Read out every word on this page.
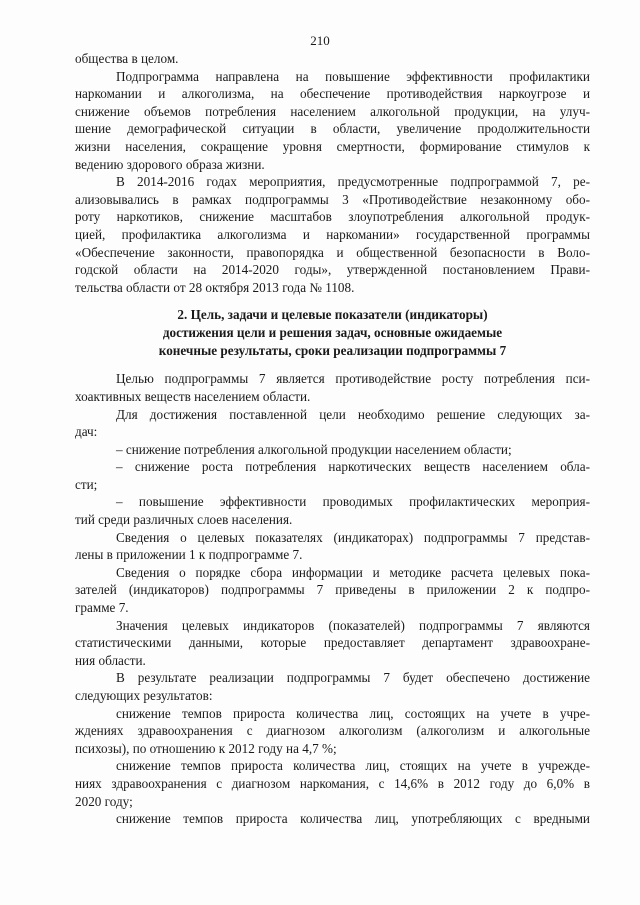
210
общества в целом.
Подпрограмма направлена на повышение эффективности профилактики
наркомании и алкоголизма, на обеспечение противодействия наркоугрозе и
снижение объемов потребления населением алкогольной продукции, на улуч-
шение демографической ситуации в области, увеличение продолжительности
жизни населения, сокращение уровня смертности, формирование стимулов к
ведению здорового образа жизни.
В 2014-2016 годах мероприятия, предусмотренные подпрограммой 7, ре-
ализовывались в рамках подпрограммы 3 «Противодействие незаконному обо-
роту наркотиков, снижение масштабов злоупотребления алкогольной продук-
цией, профилактика алкоголизма и наркомании» государственной программы
«Обеспечение законности, правопорядка и общественной безопасности в Воло-
годской области на 2014-2020 годы», утвержденной постановлением Прави-
тельства области от 28 октября 2013 года № 1108.
2. Цель, задачи и целевые показатели (индикаторы)
достижения цели и решения задач, основные ожидаемые
конечные результаты, сроки реализации подпрограммы 7
Целью подпрограммы 7 является противодействие росту потребления пси-
хоактивных веществ населением области.
Для достижения поставленной цели необходимо решение следующих за-
дач:
– снижение потребления алкогольной продукции населением области;
– снижение роста потребления наркотических веществ населением обла-
сти;
– повышение эффективности проводимых профилактических мероприя-
тий среди различных слоев населения.
Сведения о целевых показателях (индикаторах) подпрограммы 7 представ-
лены в приложении 1 к подпрограмме 7.
Сведения о порядке сбора информации и методике расчета целевых пока-
зателей (индикаторов) подпрограммы 7 приведены в приложении 2 к подпро-
грамме 7.
Значения целевых индикаторов (показателей) подпрограммы 7 являются
статистическими данными, которые предоставляет департамент здравоохране-
ния области.
В результате реализации подпрограммы 7 будет обеспечено достижение
следующих результатов:
снижение темпов прироста количества лиц, состоящих на учете в учре-
ждениях здравоохранения с диагнозом алкоголизм (алкоголизм и алкогольные
психозы), по отношению к 2012 году на 4,7 %;
снижение темпов прироста количества лиц, стоящих на учете в учрежде-
ниях здравоохранения с диагнозом наркомания, с 14,6% в 2012 году до 6,0% в
2020 году;
снижение темпов прироста количества лиц, употребляющих с вредными
